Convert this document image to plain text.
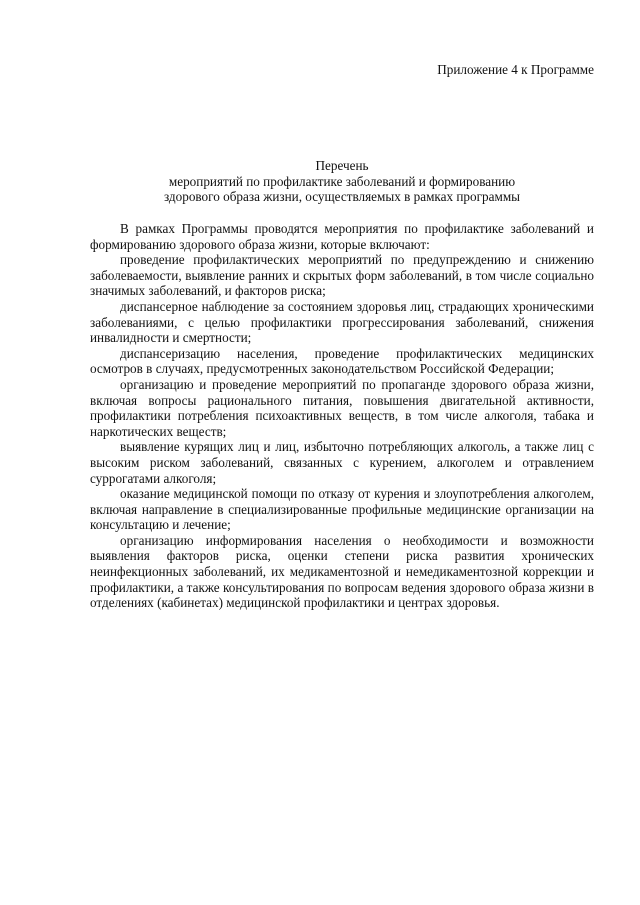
Приложение 4 к Программе
Перечень
мероприятий по профилактике заболеваний и формированию
здорового образа жизни, осуществляемых в рамках программы

В рамках Программы проводятся мероприятия по профилактике заболеваний и формированию здорового образа жизни, которые включают:

проведение профилактических мероприятий по предупреждению и снижению заболеваемости, выявление ранних и скрытых форм заболеваний, в том числе социально значимых заболеваний, и факторов риска;

диспансерное наблюдение за состоянием здоровья лиц, страдающих хроническими заболеваниями, с целью профилактики прогрессирования заболеваний, снижения инвалидности и смертности;

диспансеризацию населения, проведение профилактических медицинских осмотров в случаях, предусмотренных законодательством Российской Федерации;

организацию и проведение мероприятий по пропаганде здорового образа жизни, включая вопросы рационального питания, повышения двигательной активности, профилактики потребления психоактивных веществ, в том числе алкоголя, табака и наркотических веществ;

выявление курящих лиц и лиц, избыточно потребляющих алкоголь, а также лиц с высоким риском заболеваний, связанных с курением, алкоголем и отравлением суррогатами алкоголя;

оказание медицинской помощи по отказу от курения и злоупотребления алкоголем, включая направление в специализированные профильные медицинские организации на консультацию и лечение;

организацию информирования населения о необходимости и возможности выявления факторов риска, оценки степени риска развития хронических неинфекционных заболеваний, их медикаментозной и немедикаментозной коррекции и профилактики, а также консультирования по вопросам ведения здорового образа жизни в отделениях (кабинетах) медицинской профилактики и центрах здоровья.
